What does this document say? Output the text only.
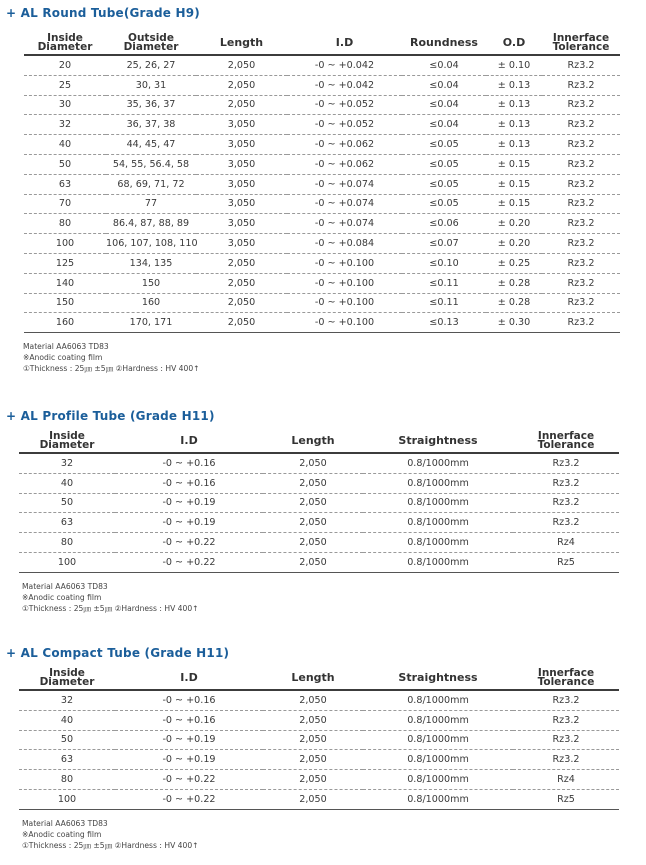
+ AL Round Tube(Grade H9)
Inside
Diameter	Outside
Diameter	Length	I.D	Roundness	O.D	Innerface
Tolerance

20	25, 26, 27	2,050	-0 ~ +0.042	≤0.04	± 0.10	Rz3.2
25	30, 31	2,050	-0 ~ +0.042	≤0.04	± 0.13	Rz3.2
30	35, 36, 37	2,050	-0 ~ +0.052	≤0.04	± 0.13	Rz3.2
32	36, 37, 38	3,050	-0 ~ +0.052	≤0.04	± 0.13	Rz3.2
40	44, 45, 47	3,050	-0 ~ +0.062	≤0.05	± 0.13	Rz3.2
50	54, 55, 56.4, 58	3,050	-0 ~ +0.062	≤0.05	± 0.15	Rz3.2
63	68, 69, 71, 72	3,050	-0 ~ +0.074	≤0.05	± 0.15	Rz3.2
70	77	3,050	-0 ~ +0.074	≤0.05	± 0.15	Rz3.2
80	86.4, 87, 88, 89	3,050	-0 ~ +0.074	≤0.06	± 0.20	Rz3.2
100	106, 107, 108, 110	3,050	-0 ~ +0.084	≤0.07	± 0.20	Rz3.2
125	134, 135	2,050	-0 ~ +0.100	≤0.10	± 0.25	Rz3.2
140	150	2,050	-0 ~ +0.100	≤0.11	± 0.28	Rz3.2
150	160	2,050	-0 ~ +0.100	≤0.11	± 0.28	Rz3.2
160	170, 171	2,050	-0 ~ +0.100	≤0.13	± 0.30	Rz3.2
Material AA6063 TD83
※Anodic coating film
①Thickness : 25㎛ ±5㎛ ②Hardness : HV 400↑
+ AL Profile Tube (Grade H11)
Inside
Diameter	I.D	Length	Straightness	Innerface
Tolerance

32	-0 ~ +0.16	2,050	0.8/1000mm	Rz3.2
40	-0 ~ +0.16	2,050	0.8/1000mm	Rz3.2
50	-0 ~ +0.19	2,050	0.8/1000mm	Rz3.2
63	-0 ~ +0.19	2,050	0.8/1000mm	Rz3.2
80	-0 ~ +0.22	2,050	0.8/1000mm	Rz4
100	-0 ~ +0.22	2,050	0.8/1000mm	Rz5
Material AA6063 TD83
※Anodic coating film
①Thickness : 25㎛ ±5㎛ ②Hardness : HV 400↑
+ AL Compact Tube (Grade H11)
Inside
Diameter	I.D	Length	Straightness	Innerface
Tolerance

32	-0 ~ +0.16	2,050	0.8/1000mm	Rz3.2
40	-0 ~ +0.16	2,050	0.8/1000mm	Rz3.2
50	-0 ~ +0.19	2,050	0.8/1000mm	Rz3.2
63	-0 ~ +0.19	2,050	0.8/1000mm	Rz3.2
80	-0 ~ +0.22	2,050	0.8/1000mm	Rz4
100	-0 ~ +0.22	2,050	0.8/1000mm	Rz5
Material AA6063 TD83
※Anodic coating film
①Thickness : 25㎛ ±5㎛ ②Hardness : HV 400↑
